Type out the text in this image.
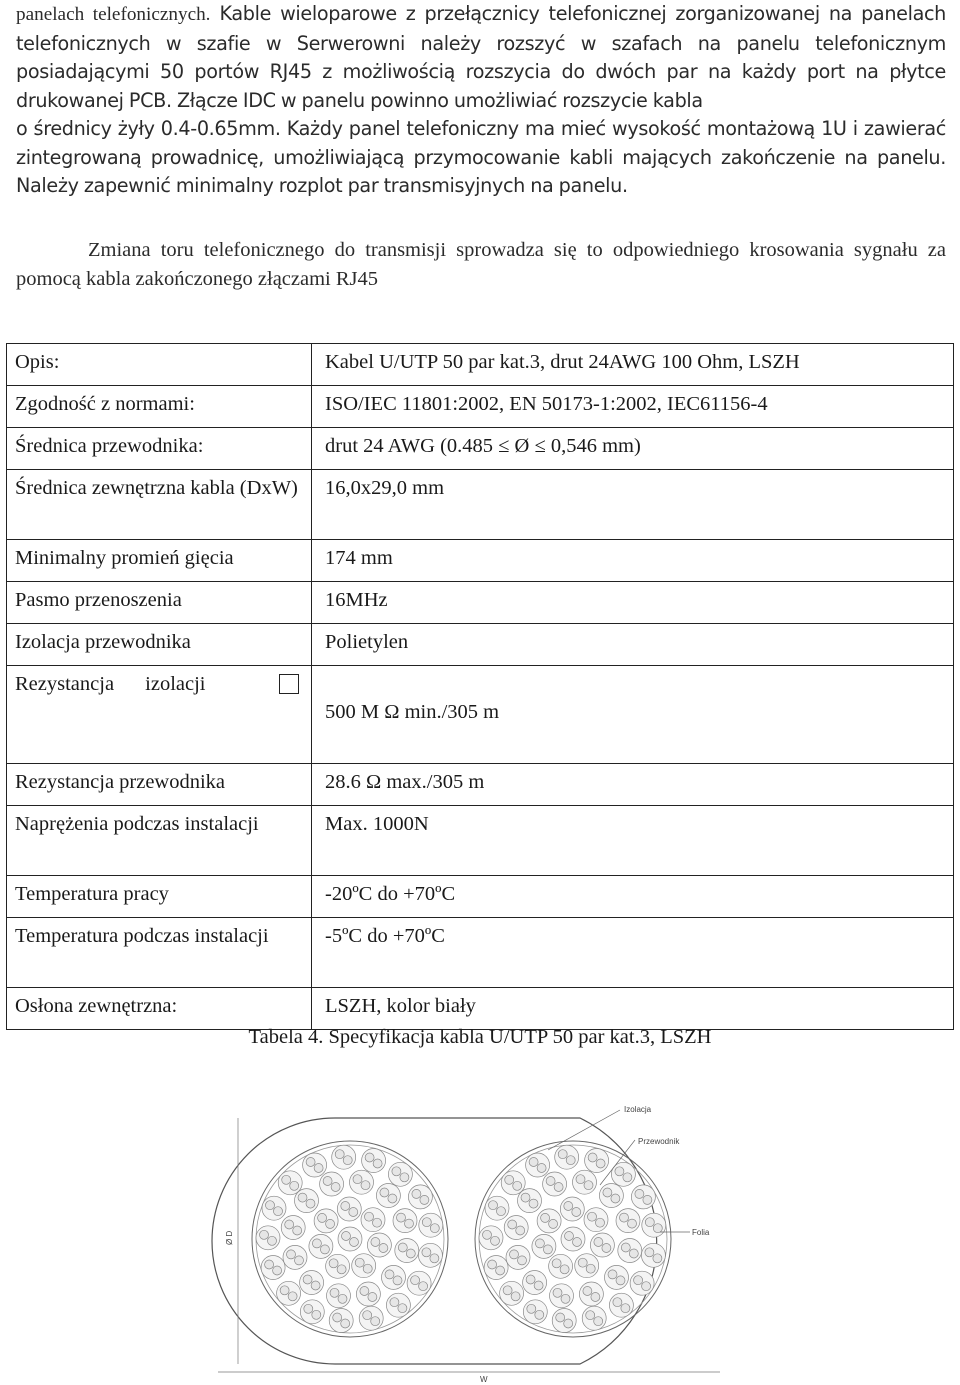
panelach telefonicznych. Kable wieloparowe z przełącznicy telefonicznej zorganizowanej na panelach telefonicznych w szafie w Serwerowni należy rozszyć w szafach na panelu telefonicznym posiadającymi 50 portów RJ45 z możliwością rozszycia do dwóch par na każdy port na płytce drukowanej PCB. Złącze IDC w panelu powinno umożliwiać rozszycie kabla
o średnicy żyły 0.4-0.65mm. Każdy panel telefoniczny ma mieć wysokość montażową 1U i zawierać zintegrowaną prowadnicę, umożliwiającą przymocowanie kabli mających zakończenie na panelu. Należy zapewnić minimalny rozplot par transmisyjnych na panelu.

Zmiana toru telefonicznego do transmisji sprowadza się to odpowiedniego krosowania sygnału za pomocą kabla zakończonego złączami RJ45

Opis:	Kabel U/UTP 50 par kat.3, drut 24AWG 100 Ohm, LSZH
Zgodność z normami:	ISO/IEC 11801:2002, EN 50173-1:2002, IEC61156-4
Średnica przewodnika:	drut 24 AWG (0.485 ≤ Ø ≤ 0,546 mm)
Średnica zewnętrzna kabla (DxW)	16,0x29,0 mm
Minimalny promień gięcia	174 mm
Pasmo przenoszenia	16MHz
Izolacja przewodnika	Polietylen
Rezystancja izolacji	500 M Ω min./305 m
Rezystancja przewodnika	28.6 Ω max./305 m
Naprężenia podczas instalacji	Max. 1000N
Temperatura pracy	-20ºC do +70ºC
Temperatura podczas instalacji	-5ºC do +70ºC
Osłona zewnętrzna:	LSZH, kolor biały
Tabela 4. Specyfikacja kabla U/UTP 50 par kat.3, LSZH
Izolacja
Przewodnik
Folia
Ø D
W
